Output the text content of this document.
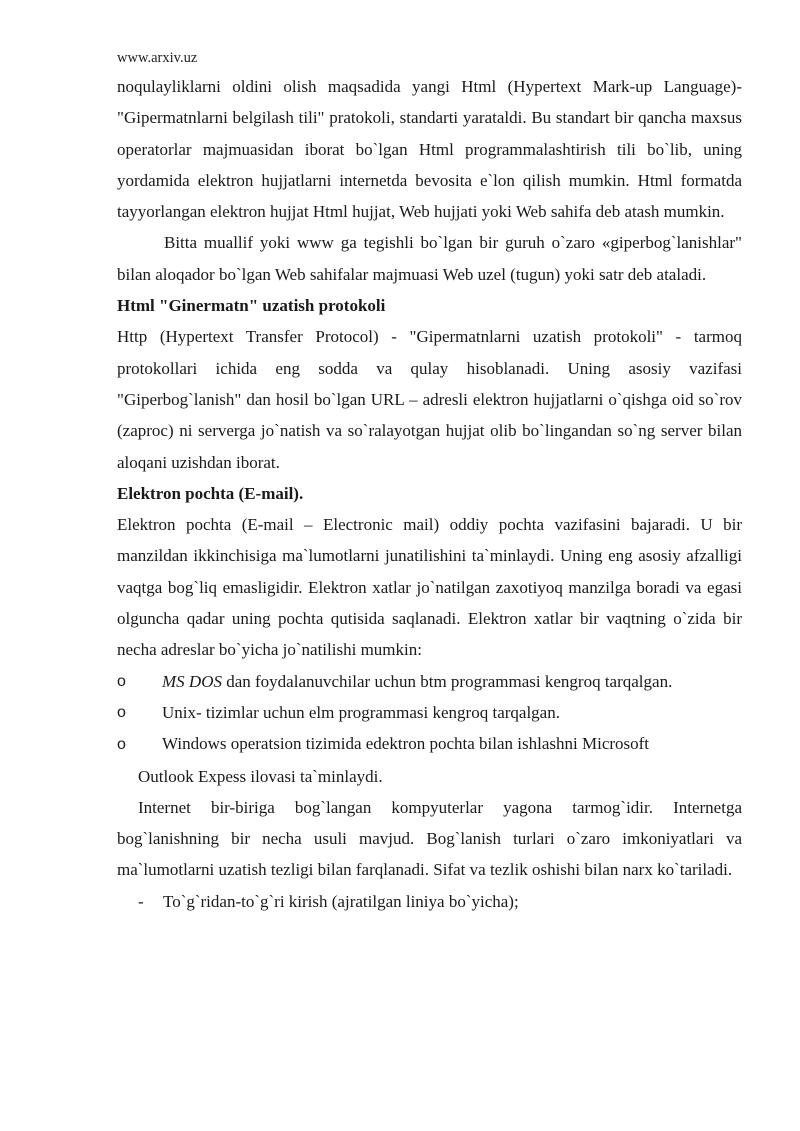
www.arxiv.uz

noqulayliklarni oldini olish maqsadida yangi Html (Hypertext Mark-up Language)- "Gipermatnlarni belgilash tili" pratokoli, standarti yarataldi. Bu standart bir qancha maxsus operatorlar majmuasidan iborat bo`lgan Html programmalashtirish tili bo`lib, uning yordamida elektron hujjatlarni internetda bevosita e`lon qilish mumkin. Html formatda tayyorlangan elektron hujjat Html hujjat, Web hujjati yoki Web sahifa deb atash mumkin.

Bitta muallif yoki www ga tegishli bo`lgan bir guruh o`zaro «giperbog`lanishlar" bilan aloqador bo`lgan Web sahifalar majmuasi Web uzel (tugun) yoki satr deb ataladi.

Html "Ginermatn" uzatish protokoli

Http (Hypertext Transfer Protocol) - "Gipermatnlarni uzatish protokoli" - tarmoq protokollari ichida eng sodda va qulay hisoblanadi. Uning asosiy vazifasi "Giperbog`lanish" dan hosil bo`lgan URL – adresli elektron hujjatlarni o`qishga oid so`rov (zaproc) ni serverga jo`natish va so`ralayotgan hujjat olib bo`lingandan so`ng server bilan aloqani uzishdan iborat.

Elektron pochta (E-mail).

Elektron pochta (E-mail – Electronic mail) oddiy pochta vazifasini bajaradi. U bir manzildan ikkinchisiga ma`lumotlarni junatilishini ta`minlaydi. Uning eng asosiy afzalligi vaqtga bog`liq emasligidir. Elektron xatlar jo`natilgan zaxotiyoq manzilga boradi va egasi olguncha qadar uning pochta qutisida saqlanadi. Elektron xatlar bir vaqtning o`zida bir necha adreslar bo`yicha jo`natilishi mumkin:

o MS DOS dan foydalanuvchilar uchun btm programmasi kengroq tarqalgan.
o Unix- tizimlar uchun elm programmasi kengroq tarqalgan.
o Windows operatsion tizimida edektron pochta bilan ishlashni Microsoft
Outlook Expess ilovasi ta`minlaydi.

Internet bir-biriga bog`langan kompyuterlar yagona tarmog`idir. Internetga bog`lanishning bir necha usuli mavjud. Bog`lanish turlari o`zaro imkoniyatlari va ma`lumotlarni uzatish tezligi bilan farqlanadi. Sifat va tezlik oshishi bilan narx ko`tariladi.

- To`g`ridan-to`g`ri kirish (ajratilgan liniya bo`yicha);
